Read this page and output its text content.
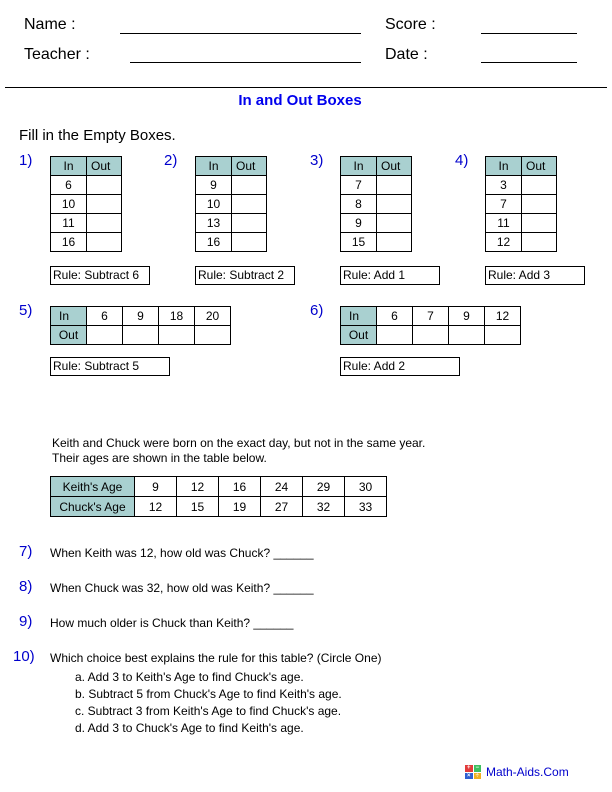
Name :	Score :
Teacher :	Date :
In and Out Boxes
Fill in the Empty Boxes.
1)	In	Out
6	
10	
11	
16	
Rule: Subtract 6
2)	In	Out
9	
10	
13	
16	
Rule: Subtract 2
3)	In	Out
7	
8	
9	
15	
Rule: Add 1
4)	In	Out
3	
7	
11	
12	
Rule: Add 3
5) In	6	9	18	20
Out				
Rule: Subtract 5
6) In	6	7	9	12
Out				
Rule: Add 2
Keith and Chuck were born on the exact day, but not in the same year.
Their ages are shown in the table below.
Keith's Age	9	12	16	24	29	30
Chuck's Age	12	15	19	27	32	33
7) When Keith was 12, how old was Chuck? ______
8) When Chuck was 32, how old was Keith? ______
9) How much older is Chuck than Keith? ______
10) Which choice best explains the rule for this table? (Circle One)
a. Add 3 to Keith's Age to find Chuck's age.
b. Subtract 5 from Chuck's Age to find Keith's age.
c. Subtract 3 from Keith's Age to find Chuck's age.
d. Add 3 to Chuck's Age to find Keith's age.
+ −
× ÷ Math-Aids.Com
